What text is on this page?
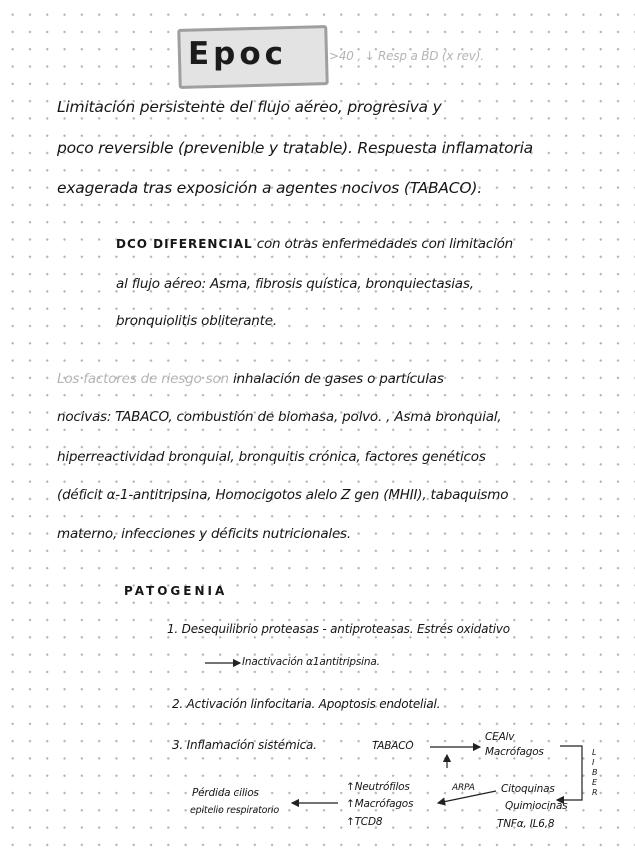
Epoc	>40 , ↓ Resp a BD (x rev).
Limitación persistente del flujo aéreo, progresiva y
poco reversible (prevenible y tratable). Respuesta inflamatoria
exagerada tras exposición a agentes nocivos (TABACO).
DCO DIFERENCIAL con otras enfermedades con limitación
al flujo aéreo: Asma, fibrosis quística, bronquiectasias,
bronquiolitis obliterante.
Los factores de riesgo son inhalación de gases o partículas
nocivas: TABACO, combustión de biomasa, polvo. , Asma bronquial,
hiperreactividad bronquial, bronquitis crónica, factores genéticos
(déficit α-1-antitripsina, Homocigotos alelo Z gen (MHII), tabaquismo
materno, infecciones y déficits nutricionales.
PATOGENIA
1. Desequilibrio proteasas - antiproteasas. Estrés oxidativo
Inactivación α1antitripsina.
2. Activación linfocitaria. Apoptosis endotelial.
3. Inflamación sistémica.	TABACO
CEAlv
Macrófagos
Citoquinas
Quimiocinas
TNFα, IL6,8
ARPA
↑Neutrófilos
↑Macrófagos
↑TCD8
Pérdida cilios
epitelio respiratorio
L
I
B
E
R
